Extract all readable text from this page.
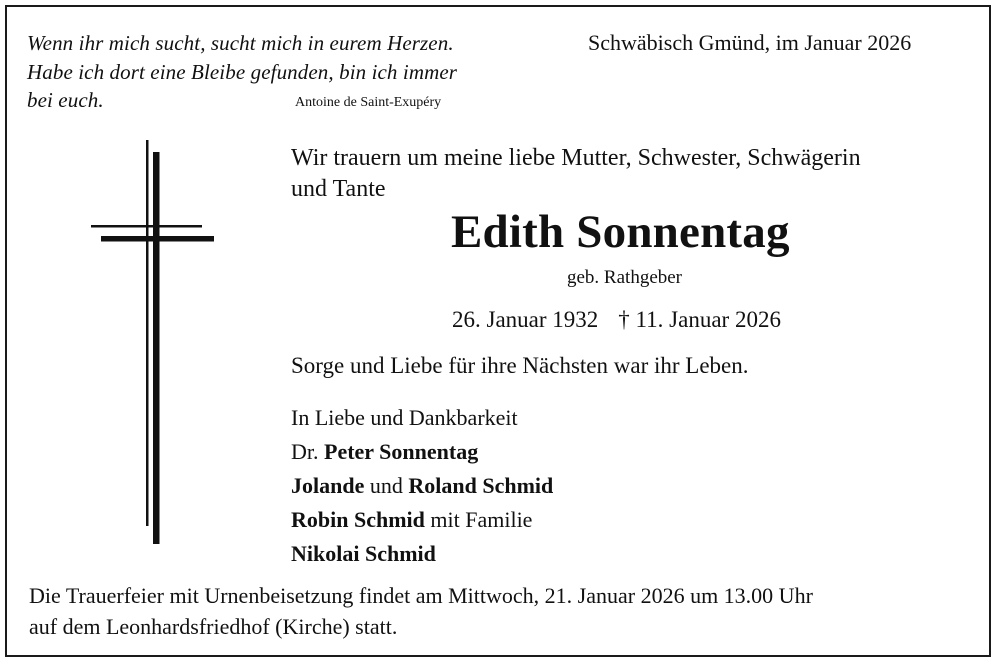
Wenn ihr mich sucht, sucht mich in eurem Herzen.
Habe ich dort eine Bleibe gefunden, bin ich immer
bei euch.	Antoine de Saint-Exupéry
Schwäbisch Gmünd, im Januar 2026
Wir trauern um meine liebe Mutter, Schwester, Schwägerin
und Tante
Edith Sonnentag
geb. Rathgeber
26. Januar 1932 † 11. Januar 2026
Sorge und Liebe für ihre Nächsten war ihr Leben.
In Liebe und Dankbarkeit
Dr. Peter Sonnentag
Jolande und Roland Schmid
Robin Schmid mit Familie
Nikolai Schmid
Die Trauerfeier mit Urnenbeisetzung findet am Mittwoch, 21. Januar 2026 um 13.00 Uhr
auf dem Leonhardsfriedhof (Kirche) statt.
